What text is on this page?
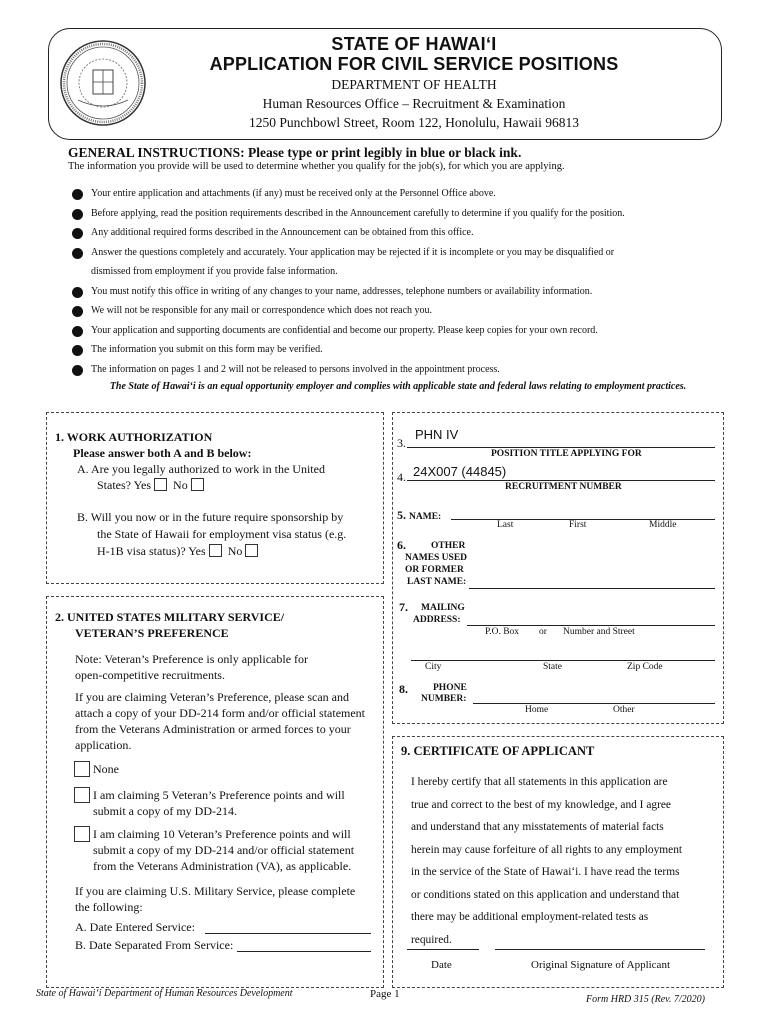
STATE OF HAWAIʻI
APPLICATION FOR CIVIL SERVICE POSITIONS
DEPARTMENT OF HEALTH
Human Resources Office – Recruitment & Examination
1250 Punchbowl Street, Room 122, Honolulu, Hawaii 96813
GENERAL INSTRUCTIONS: Please type or print legibly in blue or black ink.
The information you provide will be used to determine whether you qualify for the job(s), for which you are applying.
Your entire application and attachments (if any) must be received only at the Personnel Office above.
Before applying, read the position requirements described in the Announcement carefully to determine if you qualify for the position.
Any additional required forms described in the Announcement can be obtained from this office.
Answer the questions completely and accurately. Your application may be rejected if it is incomplete or you may be disqualified or
dismissed from employment if you provide false information.
You must notify this office in writing of any changes to your name, addresses, telephone numbers or availability information.
We will not be responsible for any mail or correspondence which does not reach you.
Your application and supporting documents are confidential and become our property. Please keep copies for your own record.
The information you submit on this form may be verified.
The information on pages 1 and 2 will not be released to persons involved in the appointment process.
The State of Hawaiʻi is an equal opportunity employer and complies with applicable state and federal laws relating to employment practices.
1. WORK AUTHORIZATION
Please answer both A and B below:
A. Are you legally authorized to work in the United
States? Yes No
B. Will you now or in the future require sponsorship by
the State of Hawaii for employment visa status (e.g.
H-1B visa status)? Yes No
2. UNITED STATES MILITARY SERVICE/
VETERAN’S PREFERENCE
Note: Veteran’s Preference is only applicable for
open-competitive recruitments.
If you are claiming Veteran’s Preference, please scan and
attach a copy of your DD-214 form and/or official statement
from the Veterans Administration or armed forces to your
application.
None
I am claiming 5 Veteran’s Preference points and will
submit a copy of my DD-214.
I am claiming 10 Veteran’s Preference points and will
submit a copy of my DD-214 and/or official statement
from the Veterans Administration (VA), as applicable.
If you are claiming U.S. Military Service, please complete
the following:
A. Date Entered Service:
B. Date Separated From Service:
3.
PHN IV
POSITION TITLE APPLYING FOR
4. 24X007 (44845)
RECRUITMENT NUMBER
5. NAME:
Last	First	Middle
6.	OTHER
NAMES USED
OR FORMER
LAST NAME:
7. MAILING
ADDRESS:
P.O. Box or Number and Street
City	State	Zip Code
8.	PHONE
NUMBER:
Home	Other
9. CERTIFICATE OF APPLICANT
I hereby certify that all statements in this application are
true and correct to the best of my knowledge, and I agree
and understand that any misstatements of material facts
herein may cause forfeiture of all rights to any employment
in the service of the State of Hawaiʻi. I have read the terms
or conditions stated on this application and understand that
there may be additional employment-related tests as
required.
Date	Original Signature of Applicant
State of Hawaiʻi Department of Human Resources Development	Page 1	Form HRD 315 (Rev. 7/2020)
